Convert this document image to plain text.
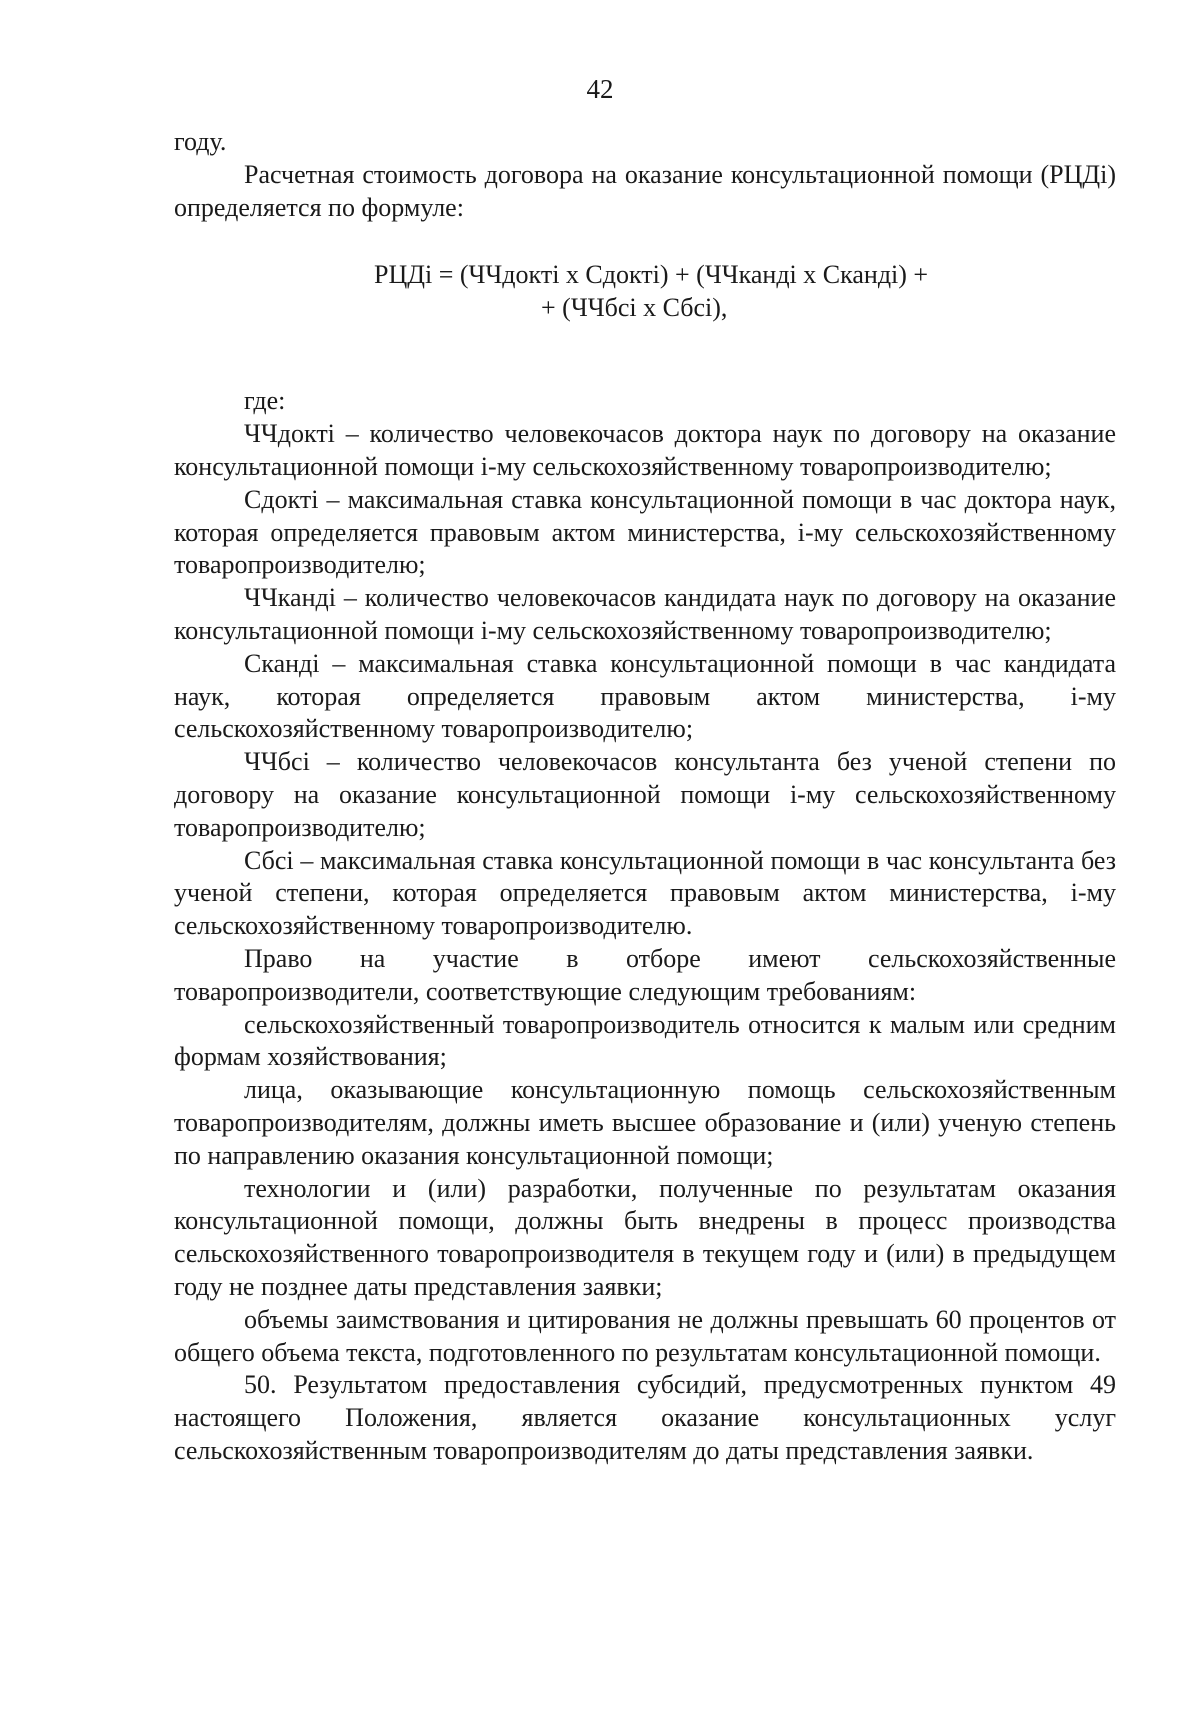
42

году.

Расчетная стоимость договора на оказание консультационной помощи (РЦДі) определяется по формуле:

РЦДі = (ЧЧдокті х Сдокті) + (ЧЧканді х Сканді) +
+ (ЧЧбсі х Сбсі),

где:

ЧЧдокті – количество человекочасов доктора наук по договору на оказание консультационной помощи і-му сельскохозяйственному товаропроизводителю;

Сдокті – максимальная ставка консультационной помощи в час доктора наук, которая определяется правовым актом министерства, і-му сельскохозяйственному товаропроизводителю;

ЧЧканді – количество человекочасов кандидата наук по договору на оказание консультационной помощи і-му сельскохозяйственному товаропроизводителю;

Сканді – максимальная ставка консультационной помощи в час кандидата наук, которая определяется правовым актом министерства, і-му сельскохозяйственному товаропроизводителю;

ЧЧбсі – количество человекочасов консультанта без ученой степени по договору на оказание консультационной помощи і-му сельскохозяйственному товаропроизводителю;

Сбсі – максимальная ставка консультационной помощи в час консультанта без ученой степени, которая определяется правовым актом министерства, і-му сельскохозяйственному товаропроизводителю.

Право на участие в отборе имеют сельскохозяйственные товаропроизводители, соответствующие следующим требованиям:

сельскохозяйственный товаропроизводитель относится к малым или средним формам хозяйствования;

лица, оказывающие консультационную помощь сельскохозяйственным товаропроизводителям, должны иметь высшее образование и (или) ученую степень по направлению оказания консультационной помощи;

технологии и (или) разработки, полученные по результатам оказания консультационной помощи, должны быть внедрены в процесс производства сельскохозяйственного товаропроизводителя в текущем году и (или) в предыдущем году не позднее даты представления заявки;

объемы заимствования и цитирования не должны превышать 60 процентов от общего объема текста, подготовленного по результатам консультационной помощи.

50. Результатом предоставления субсидий, предусмотренных пунктом 49 настоящего Положения, является оказание консультационных услуг сельскохозяйственным товаропроизводителям до даты представления заявки.
